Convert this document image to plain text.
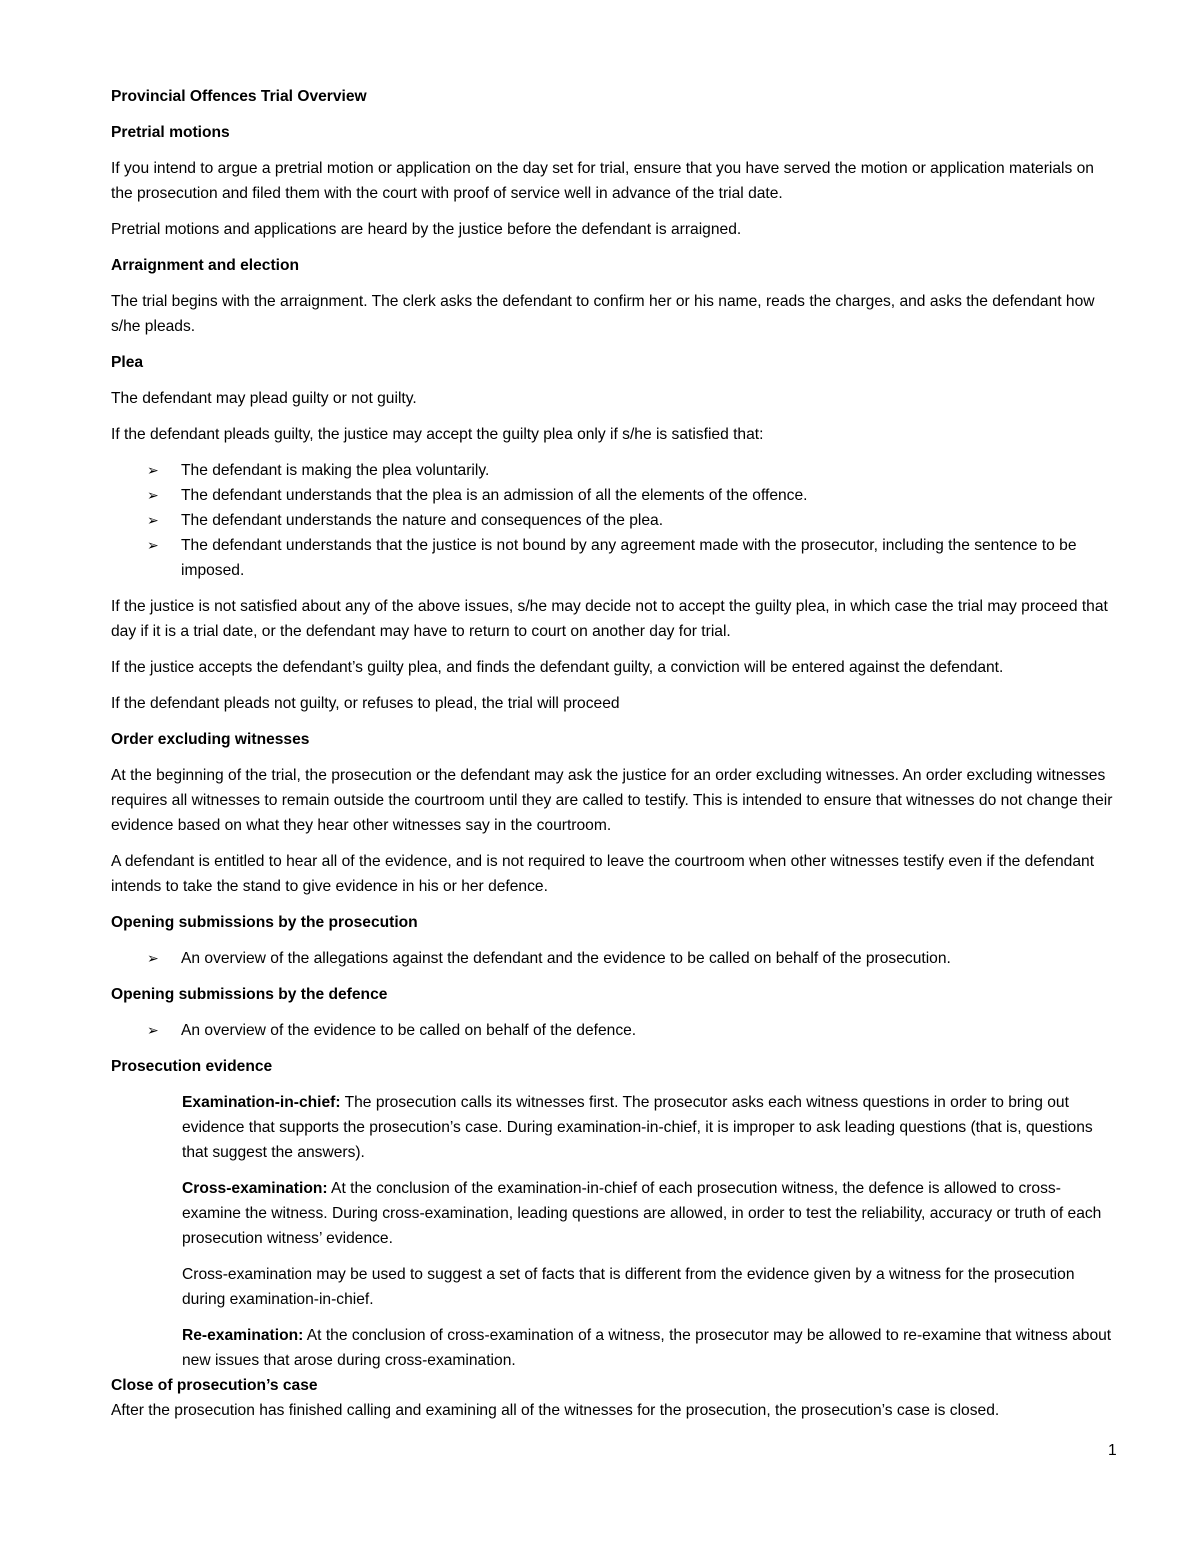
Provincial Offences Trial Overview
Pretrial motions

If you intend to argue a pretrial motion or application on the day set for trial, ensure that you have served the motion or application materials on the prosecution and filed them with the court with proof of service well in advance of the trial date.

Pretrial motions and applications are heard by the justice before the defendant is arraigned.

Arraignment and election

The trial begins with the arraignment. The clerk asks the defendant to confirm her or his name, reads the charges, and asks the defendant how s/he pleads.

Plea

The defendant may plead guilty or not guilty.

If the defendant pleads guilty, the justice may accept the guilty plea only if s/he is satisfied that:

➢ The defendant is making the plea voluntarily.
➢ The defendant understands that the plea is an admission of all the elements of the offence.
➢ The defendant understands the nature and consequences of the plea.
➢ The defendant understands that the justice is not bound by any agreement made with the prosecutor, including the sentence to be imposed.

If the justice is not satisfied about any of the above issues, s/he may decide not to accept the guilty plea, in which case the trial may proceed that day if it is a trial date, or the defendant may have to return to court on another day for trial.

If the justice accepts the defendant’s guilty plea, and finds the defendant guilty, a conviction will be entered against the defendant.

If the defendant pleads not guilty, or refuses to plead, the trial will proceed

Order excluding witnesses

At the beginning of the trial, the prosecution or the defendant may ask the justice for an order excluding witnesses. An order excluding witnesses requires all witnesses to remain outside the courtroom until they are called to testify. This is intended to ensure that witnesses do not change their evidence based on what they hear other witnesses say in the courtroom.

A defendant is entitled to hear all of the evidence, and is not required to leave the courtroom when other witnesses testify even if the defendant intends to take the stand to give evidence in his or her defence.

Opening submissions by the prosecution
➢ An overview of the allegations against the defendant and the evidence to be called on behalf of the prosecution.
Opening submissions by the defence
➢ An overview of the evidence to be called on behalf of the defence.
Prosecution evidence

Examination-in-chief: The prosecution calls its witnesses first. The prosecutor asks each witness questions in order to bring out evidence that supports the prosecution’s case. During examination-in-chief, it is improper to ask leading questions (that is, questions that suggest the answers).

Cross-examination: At the conclusion of the examination-in-chief of each prosecution witness, the defence is allowed to cross-examine the witness. During cross-examination, leading questions are allowed, in order to test the reliability, accuracy or truth of each prosecution witness’ evidence.

Cross-examination may be used to suggest a set of facts that is different from the evidence given by a witness for the prosecution during examination-in-chief.

Re-examination: At the conclusion of cross-examination of a witness, the prosecutor may be allowed to re-examine that witness about new issues that arose during cross-examination.

Close of prosecution’s case

After the prosecution has finished calling and examining all of the witnesses for the prosecution, the prosecution’s case is closed.

1
